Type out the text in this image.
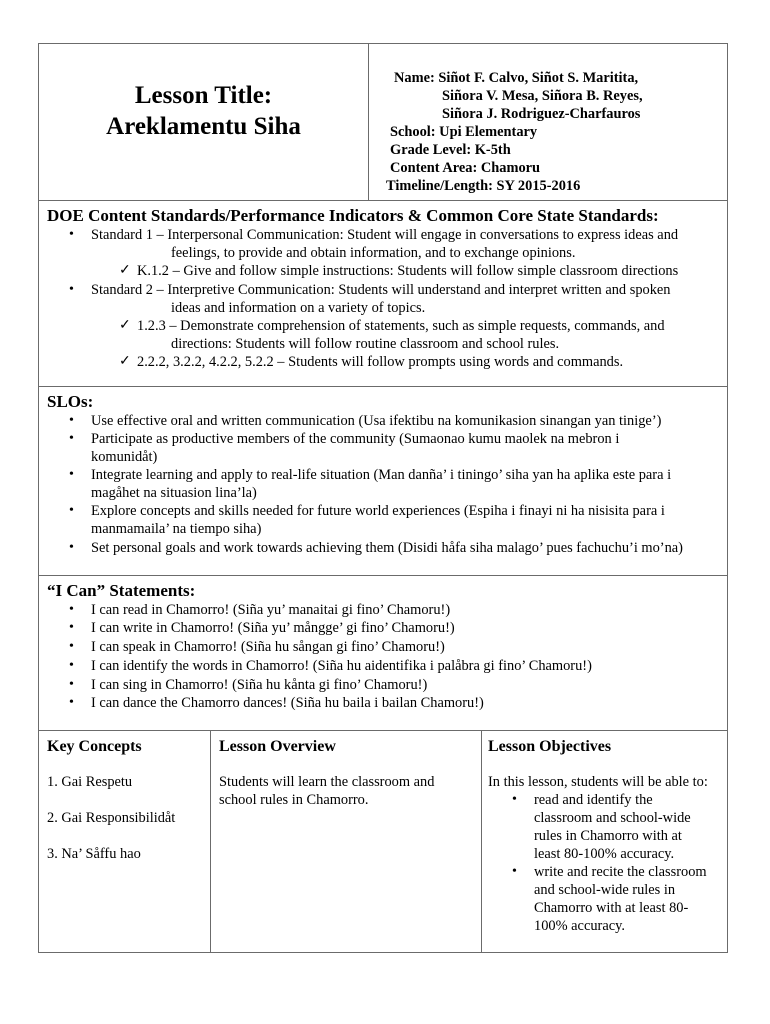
Lesson Title:
Areklamentu Siha
Name: Siñot F. Calvo, Siñot S. Maritita,
Siñora V. Mesa, Siñora B. Reyes,
Siñora J. Rodriguez-Charfauros
School: Upi Elementary
Grade Level: K-5th
Content Area: Chamoru
Timeline/Length: SY 2015-2016
DOE Content Standards/Performance Indicators & Common Core State Standards:
• Standard 1 – Interpersonal Communication: Student will engage in conversations to express ideas and
feelings, to provide and obtain information, and to exchange opinions.
✓ K.1.2 – Give and follow simple instructions: Students will follow simple classroom directions
• Standard 2 – Interpretive Communication: Students will understand and interpret written and spoken
ideas and information on a variety of topics.
✓ 1.2.3 – Demonstrate comprehension of statements, such as simple requests, commands, and
directions: Students will follow routine classroom and school rules.
✓ 2.2.2, 3.2.2, 4.2.2, 5.2.2 – Students will follow prompts using words and commands.
SLOs:
• Use effective oral and written communication (Usa ifektibu na komunikasion sinangan yan tinige’)
• Participate as productive members of the community (Sumaonao kumu maolek na mebron i
komunidåt)
• Integrate learning and apply to real-life situation (Man danña’ i tiningo’ siha yan ha aplika este para i
magåhet na situasion lina’la)
• Explore concepts and skills needed for future world experiences (Espiha i finayi ni ha nisisita para i
manmamaila’ na tiempo siha)
• Set personal goals and work towards achieving them (Disidi håfa siha malago’ pues fachuchu’i mo’na)
“I Can” Statements:
• I can read in Chamorro! (Siña yu’ manaitai gi fino’ Chamoru!)
• I can write in Chamorro! (Siña yu’ mångge’ gi fino’ Chamoru!)
• I can speak in Chamorro! (Siña hu sångan gi fino’ Chamoru!)
• I can identify the words in Chamorro! (Siña hu aidentifika i palåbra gi fino’ Chamoru!)
• I can sing in Chamorro! (Siña hu kånta gi fino’ Chamoru!)
• I can dance the Chamorro dances! (Siña hu baila i bailan Chamoru!)
Key Concepts
1. Gai Respetu
2. Gai Responsibilidåt
3. Na’ Såffu hao
Lesson Overview
Students will learn the classroom and
school rules in Chamorro.
Lesson Objectives
In this lesson, students will be able to:
• read and identify the
classroom and school-wide
rules in Chamorro with at
least 80-100% accuracy.
• write and recite the classroom
and school-wide rules in
Chamorro with at least 80-
100% accuracy.
